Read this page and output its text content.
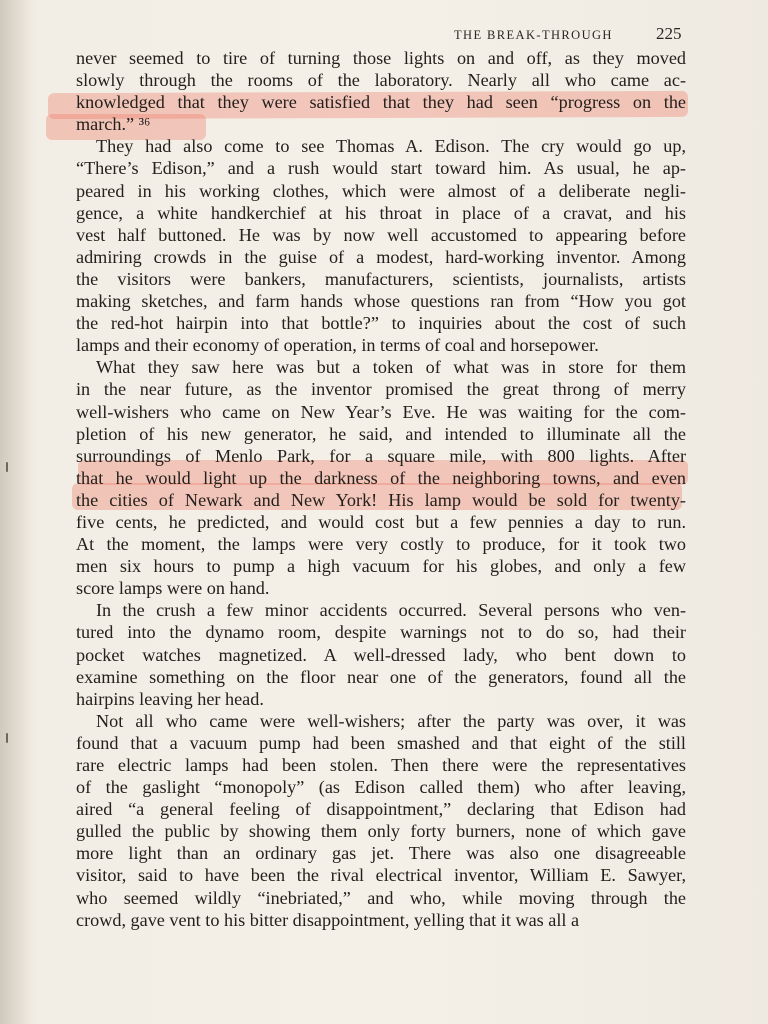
THE BREAK-THROUGH	225
never seemed to tire of turning those lights on and off, as they moved
slowly through the rooms of the laboratory. Nearly all who came ac-
knowledged that they were satisfied that they had seen “progress on the
march.” ³⁶
They had also come to see Thomas A. Edison. The cry would go up,
“There’s Edison,” and a rush would start toward him. As usual, he ap-
peared in his working clothes, which were almost of a deliberate negli-
gence, a white handkerchief at his throat in place of a cravat, and his
vest half buttoned. He was by now well accustomed to appearing before
admiring crowds in the guise of a modest, hard-working inventor. Among
the visitors were bankers, manufacturers, scientists, journalists, artists
making sketches, and farm hands whose questions ran from “How you got
the red-hot hairpin into that bottle?” to inquiries about the cost of such
lamps and their economy of operation, in terms of coal and horsepower.
What they saw here was but a token of what was in store for them
in the near future, as the inventor promised the great throng of merry
well-wishers who came on New Year’s Eve. He was waiting for the com-
pletion of his new generator, he said, and intended to illuminate all the
surroundings of Menlo Park, for a square mile, with 800 lights. After
that he would light up the darkness of the neighboring towns, and even
the cities of Newark and New York! His lamp would be sold for twenty-
five cents, he predicted, and would cost but a few pennies a day to run.
At the moment, the lamps were very costly to produce, for it took two
men six hours to pump a high vacuum for his globes, and only a few
score lamps were on hand.
In the crush a few minor accidents occurred. Several persons who ven-
tured into the dynamo room, despite warnings not to do so, had their
pocket watches magnetized. A well-dressed lady, who bent down to
examine something on the floor near one of the generators, found all the
hairpins leaving her head.
Not all who came were well-wishers; after the party was over, it was
found that a vacuum pump had been smashed and that eight of the still
rare electric lamps had been stolen. Then there were the representatives
of the gaslight “monopoly” (as Edison called them) who after leaving,
aired “a general feeling of disappointment,” declaring that Edison had
gulled the public by showing them only forty burners, none of which gave
more light than an ordinary gas jet. There was also one disagreeable
visitor, said to have been the rival electrical inventor, William E. Sawyer,
who seemed wildly “inebriated,” and who, while moving through the
crowd, gave vent to his bitter disappointment, yelling that it was all a
